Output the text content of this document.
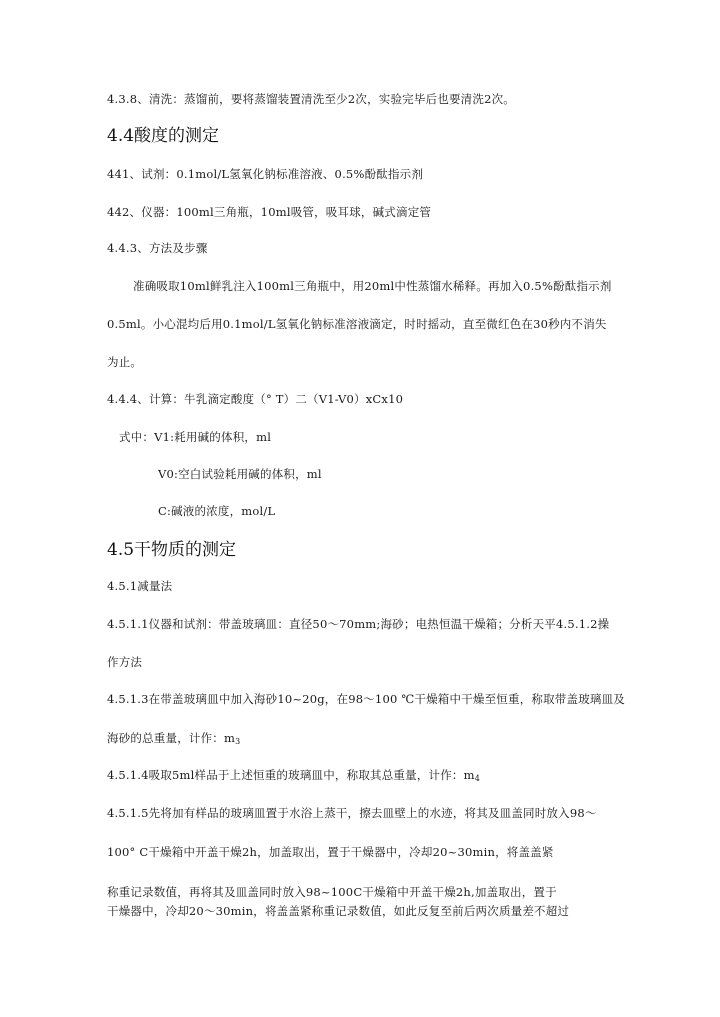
4.3.8、清洗：蒸馏前，要将蒸馏装置清洗至少2次，实验完毕后也要清洗2次。
4.4酸度的测定
441、试剂：0.1mol/L氢氧化钠标准溶液、0.5%酚酞指示剂
442、仪器：100ml三角瓶，10ml吸管，吸耳球，碱式滴定管
4.4.3、方法及步骤
准确吸取10ml鲜乳注入100ml三角瓶中，用20ml中性蒸馏水稀释。再加入0.5%酚酞指示剂
0.5ml。小心混均后用0.1mol/L氢氧化钠标准溶液滴定，时时摇动，直至微红色在30秒内不消失
为止。
4.4.4、计算：牛乳滴定酸度（° T）二（V1-V0）xCx10
式中：V1:耗用碱的体积，ml
V0:空白试验耗用碱的体积，ml
C:碱液的浓度，mol/L
4.5干物质的测定
4.5.1减量法
4.5.1.1仪器和试剂：带盖玻璃皿：直径50〜70mm;海砂；电热恒温干燥箱；分析天平4.5.1.2操
作方法
4.5.1.3在带盖玻璃皿中加入海砂10~20g，在98〜100 ℃干燥箱中干燥至恒重，称取带盖玻璃皿及
海砂的总重量，计作：$m_3$
4.5.1.4吸取5ml样品于上述恒重的玻璃皿中，称取其总重量，计作：$m_4$
4.5.1.5先将加有样品的玻璃皿置于水浴上蒸干，擦去皿壁上的水迹，将其及皿盖同时放入98〜
100° C干燥箱中开盖干燥2h，加盖取出，置于干燥器中，冷却20~30min，将盖盖紧
称重记录数值，再将其及皿盖同时放入98~100C干燥箱中开盖干燥2h,加盖取出，置于
干燥器中，冷却20〜30min，将盖盖紧称重记录数值，如此反复至前后两次质量差不超过
